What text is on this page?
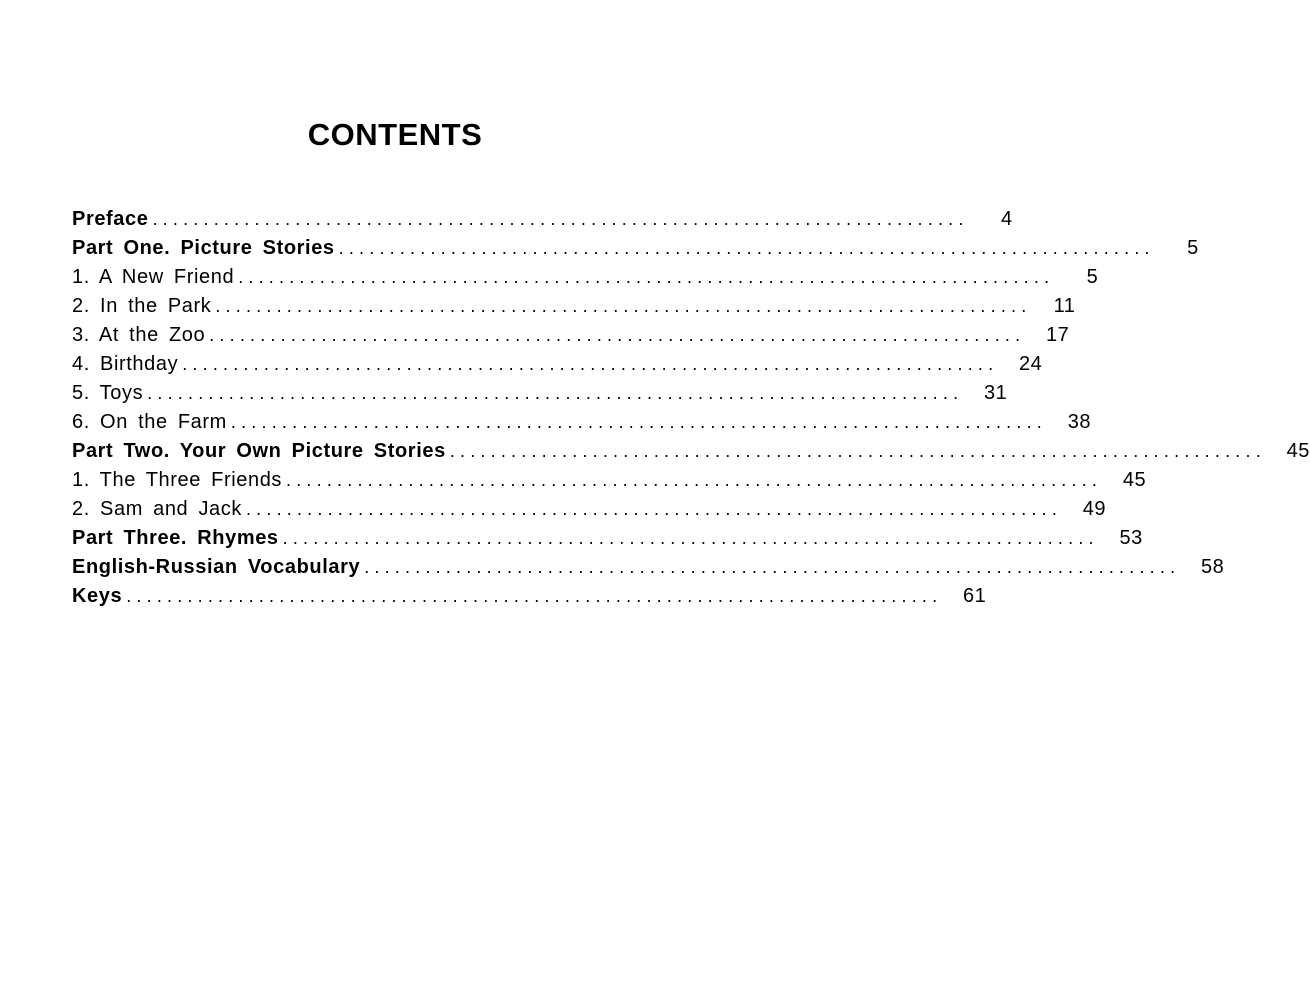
CONTENTS
Preface ................................................................................	4
Part One. Picture Stories ................................................................................	5
1. A New Friend ................................................................................	5
2. In the Park ................................................................................	11
3. At the Zoo ................................................................................	17
4. Birthday ................................................................................	24
5. Toys ................................................................................	31
6. On the Farm ................................................................................	38
Part Two. Your Own Picture Stories ................................................................................	45
1. The Three Friends ................................................................................	45
2. Sam and Jack ................................................................................	49
Part Three. Rhymes ................................................................................	53
English-Russian Vocabulary ................................................................................	58
Keys ................................................................................	61
